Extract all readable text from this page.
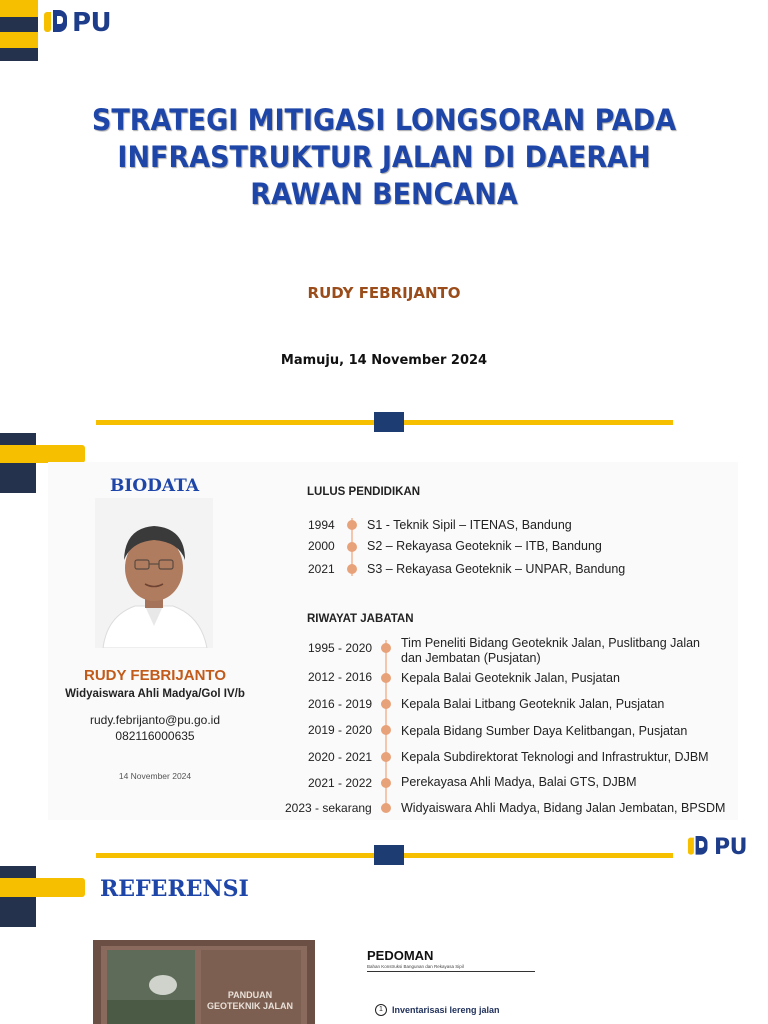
PU
STRATEGI MITIGASI LONGSORAN PADA
INFRASTRUKTUR JALAN DI DAERAH
RAWAN BENCANA
RUDY FEBRIJANTO
Mamuju, 14 November 2024
BIODATA
RUDY FEBRIJANTO
Widyaiswara Ahli Madya/Gol IV/b
rudy.febrijanto@pu.go.id
082116000635
14 November 2024
LULUS PENDIDIKAN
1994	S1 - Teknik Sipil – ITENAS, Bandung
2000	S2 – Rekayasa Geoteknik – ITB, Bandung
2021	S3 – Rekayasa Geoteknik – UNPAR, Bandung
RIWAYAT JABATAN
1995 - 2020 Tim Peneliti Bidang Geoteknik Jalan, Puslitbang Jalan dan Jembatan (Pusjatan)
2012 - 2016 Kepala Balai Geoteknik Jalan, Pusjatan
2016 - 2019 Kepala Balai Litbang Geoteknik Jalan, Pusjatan
2019 - 2020 Kepala Bidang Sumber Daya Kelitbangan, Pusjatan
2020 - 2021 Kepala Subdirektorat Teknologi and Infrastruktur, DJBM
2021 - 2022 Perekayasa Ahli Madya, Balai GTS, DJBM
2023 - sekarang Widyaiswara Ahli Madya, Bidang Jalan Jembatan, BPSDM
PU
REFERENSI
PANDUAN
GEOTEKNIK JALAN
PEDOMAN
Bahan Konstruksi Bangunan dan Rekayasa Sipil
1	Inventarisasi lereng jalan
